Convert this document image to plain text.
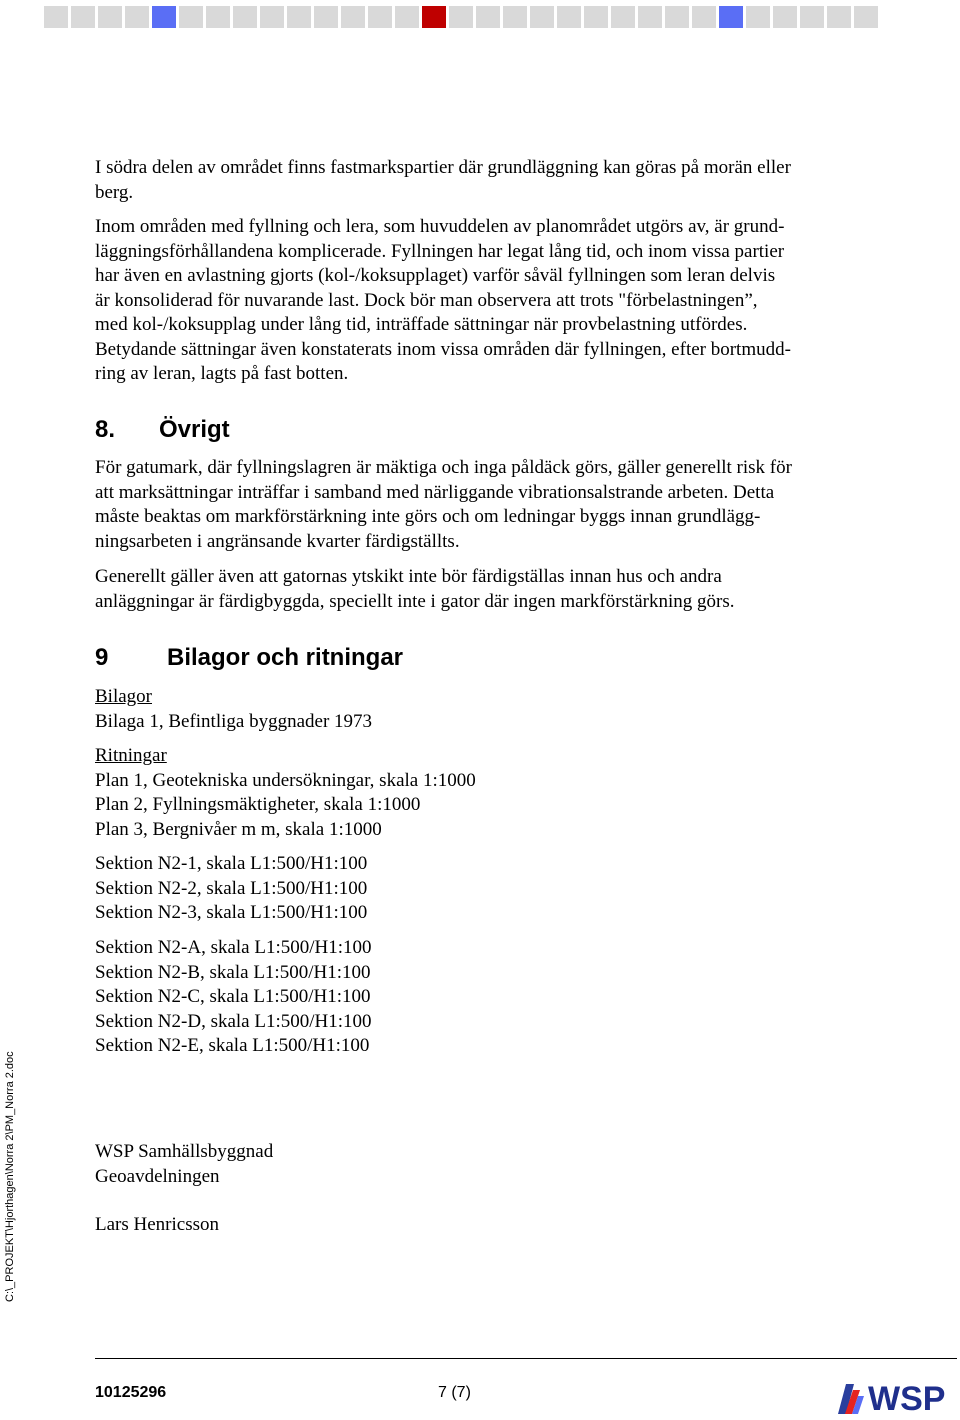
C:\_PROJEKT\Hjorthagen\Norra 2\PM_Norra 2.doc

I södra delen av området finns fastmarkspartier där grundläggning kan göras på morän eller
berg.

Inom områden med fyllning och lera, som huvuddelen av planområdet utgörs av, är grund-
läggningsförhållandena komplicerade. Fyllningen har legat lång tid, och inom vissa partier
har även en avlastning gjorts (kol-/koksupplaget) varför såväl fyllningen som leran delvis
är konsoliderad för nuvarande last. Dock bör man observera att trots "förbelastningen”,
med kol-/koksupplag under lång tid, inträffade sättningar när provbelastning utfördes.
Betydande sättningar även konstaterats inom vissa områden där fyllningen, efter bortmudd-
ring av leran, lagts på fast botten.

8. Övrigt
För gatumark, där fyllningslagren är mäktiga och inga påldäck görs, gäller generellt risk för
att marksättningar inträffar i samband med närliggande vibrationsalstrande arbeten. Detta
måste beaktas om markförstärkning inte görs och om ledningar byggs innan grundlägg-
ningsarbeten i angränsande kvarter färdigställts.
Generellt gäller även att gatornas ytskikt inte bör färdigställas innan hus och andra
anläggningar är färdigbyggda, speciellt inte i gator där ingen markförstärkning görs.
9 Bilagor och ritningar
Bilagor
Bilaga 1, Befintliga byggnader 1973
Ritningar
Plan 1, Geotekniska undersökningar, skala 1:1000
Plan 2, Fyllningsmäktigheter, skala 1:1000
Plan 3, Bergnivåer m m, skala 1:1000
Sektion N2-1, skala L1:500/H1:100
Sektion N2-2, skala L1:500/H1:100
Sektion N2-3, skala L1:500/H1:100
Sektion N2-A, skala L1:500/H1:100
Sektion N2-B, skala L1:500/H1:100
Sektion N2-C, skala L1:500/H1:100
Sektion N2-D, skala L1:500/H1:100
Sektion N2-E, skala L1:500/H1:100
WSP Samhällsbyggnad
Geoavdelningen
Lars Henricsson
10125296	7 (7)	WSP
